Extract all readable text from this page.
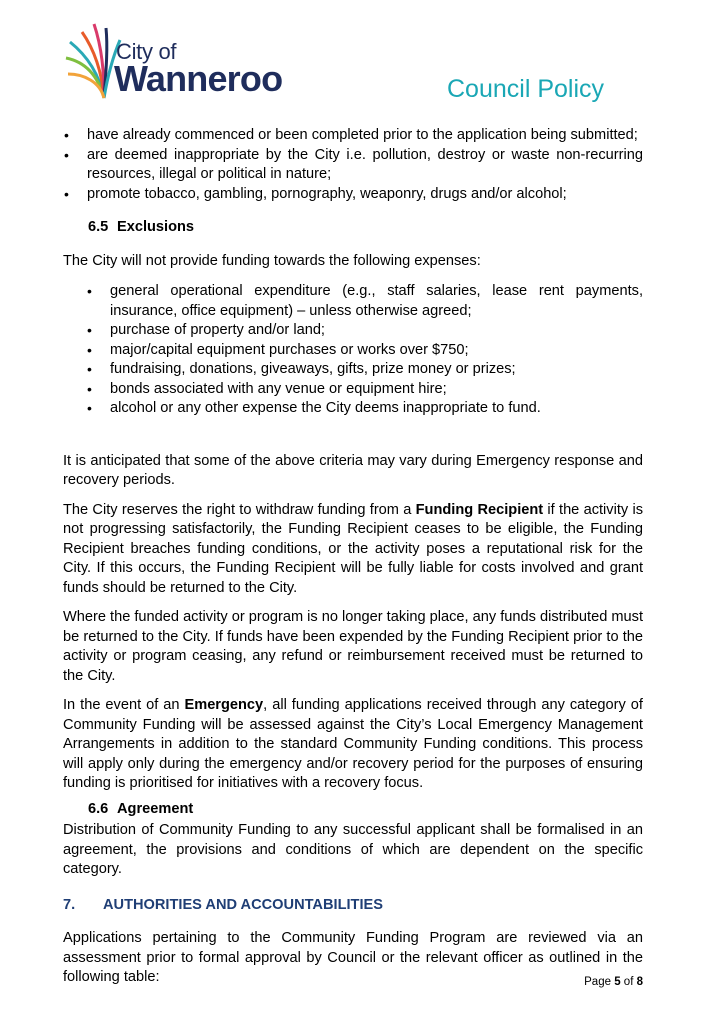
City of
Wanneroo	Council Policy
• have already commenced or been completed prior to the application being submitted;
• are deemed inappropriate by the City i.e. pollution, destroy or waste non-recurring resources, illegal or political in nature;
• promote tobacco, gambling, pornography, weaponry, drugs and/or alcohol;
6.5 Exclusions

The City will not provide funding towards the following expenses:

• general operational expenditure (e.g., staff salaries, lease rent payments, insurance, office equipment) – unless otherwise agreed;
• purchase of property and/or land;
• major/capital equipment purchases or works over $750;
• fundraising, donations, giveaways, gifts, prize money or prizes;
• bonds associated with any venue or equipment hire;
• alcohol or any other expense the City deems inappropriate to fund.

It is anticipated that some of the above criteria may vary during Emergency response and recovery periods.

The City reserves the right to withdraw funding from a Funding Recipient if the activity is not progressing satisfactorily, the Funding Recipient ceases to be eligible, the Funding Recipient breaches funding conditions, or the activity poses a reputational risk for the City. If this occurs, the Funding Recipient will be fully liable for costs involved and grant funds should be returned to the City.

Where the funded activity or program is no longer taking place, any funds distributed must be returned to the City. If funds have been expended by the Funding Recipient prior to the activity or program ceasing, any refund or reimbursement received must be returned to the City.

In the event of an Emergency, all funding applications received through any category of Community Funding will be assessed against the City’s Local Emergency Management Arrangements in addition to the standard Community Funding conditions. This process will apply only during the emergency and/or recovery period for the purposes of ensuring funding is prioritised for initiatives with a recovery focus.

6.6 Agreement

Distribution of Community Funding to any successful applicant shall be formalised in an agreement, the provisions and conditions of which are dependent on the specific category.

7. AUTHORITIES AND ACCOUNTABILITIES

Applications pertaining to the Community Funding Program are reviewed via an assessment prior to formal approval by Council or the relevant officer as outlined in the following table:	Page 5 of 8
